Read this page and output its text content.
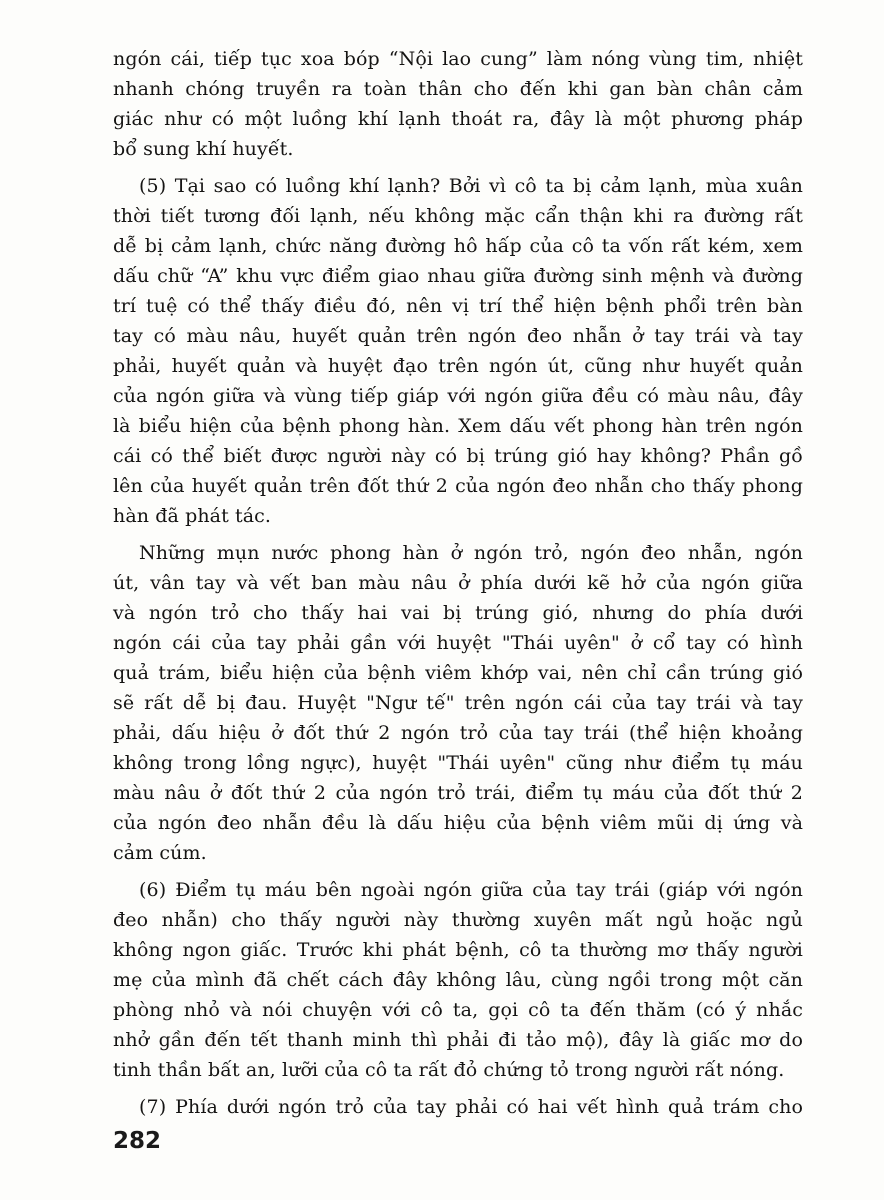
ngón cái, tiếp tục xoa bóp “Nội lao cung” làm nóng vùng tim, nhiệt
nhanh chóng truyền ra toàn thân cho đến khi gan bàn chân cảm
giác như có một luồng khí lạnh thoát ra, đây là một phương pháp
bổ sung khí huyết.
(5) Tại sao có luồng khí lạnh? Bởi vì cô ta bị cảm lạnh, mùa xuân
thời tiết tương đối lạnh, nếu không mặc cẩn thận khi ra đường rất
dễ bị cảm lạnh, chức năng đường hô hấp của cô ta vốn rất kém, xem
dấu chữ “A” khu vực điểm giao nhau giữa đường sinh mệnh và đường
trí tuệ có thể thấy điều đó, nên vị trí thể hiện bệnh phổi trên bàn
tay có màu nâu, huyết quản trên ngón đeo nhẫn ở tay trái và tay
phải, huyết quản và huyệt đạo trên ngón út, cũng như huyết quản
của ngón giữa và vùng tiếp giáp với ngón giữa đều có màu nâu, đây
là biểu hiện của bệnh phong hàn. Xem dấu vết phong hàn trên ngón
cái có thể biết được người này có bị trúng gió hay không? Phần gồ
lên của huyết quản trên đốt thứ 2 của ngón đeo nhẫn cho thấy phong
hàn đã phát tác.
Những mụn nước phong hàn ở ngón trỏ, ngón đeo nhẫn, ngón
út, vân tay và vết ban màu nâu ở phía dưới kẽ hở của ngón giữa
và ngón trỏ cho thấy hai vai bị trúng gió, nhưng do phía dưới
ngón cái của tay phải gần với huyệt "Thái uyên" ở cổ tay có hình
quả trám, biểu hiện của bệnh viêm khớp vai, nên chỉ cần trúng gió
sẽ rất dễ bị đau. Huyệt "Ngư tế" trên ngón cái của tay trái và tay
phải, dấu hiệu ở đốt thứ 2 ngón trỏ của tay trái (thể hiện khoảng
không trong lồng ngực), huyệt "Thái uyên" cũng như điểm tụ máu
màu nâu ở đốt thứ 2 của ngón trỏ trái, điểm tụ máu của đốt thứ 2
của ngón đeo nhẫn đều là dấu hiệu của bệnh viêm mũi dị ứng và
cảm cúm.
(6) Điểm tụ máu bên ngoài ngón giữa của tay trái (giáp với ngón
đeo nhẫn) cho thấy người này thường xuyên mất ngủ hoặc ngủ
không ngon giấc. Trước khi phát bệnh, cô ta thường mơ thấy người
mẹ của mình đã chết cách đây không lâu, cùng ngồi trong một căn
phòng nhỏ và nói chuyện với cô ta, gọi cô ta đến thăm (có ý nhắc
nhở gần đến tết thanh minh thì phải đi tảo mộ), đây là giấc mơ do
tinh thần bất an, lưỡi của cô ta rất đỏ chứng tỏ trong người rất nóng.
(7) Phía dưới ngón trỏ của tay phải có hai vết hình quả trám cho
282
